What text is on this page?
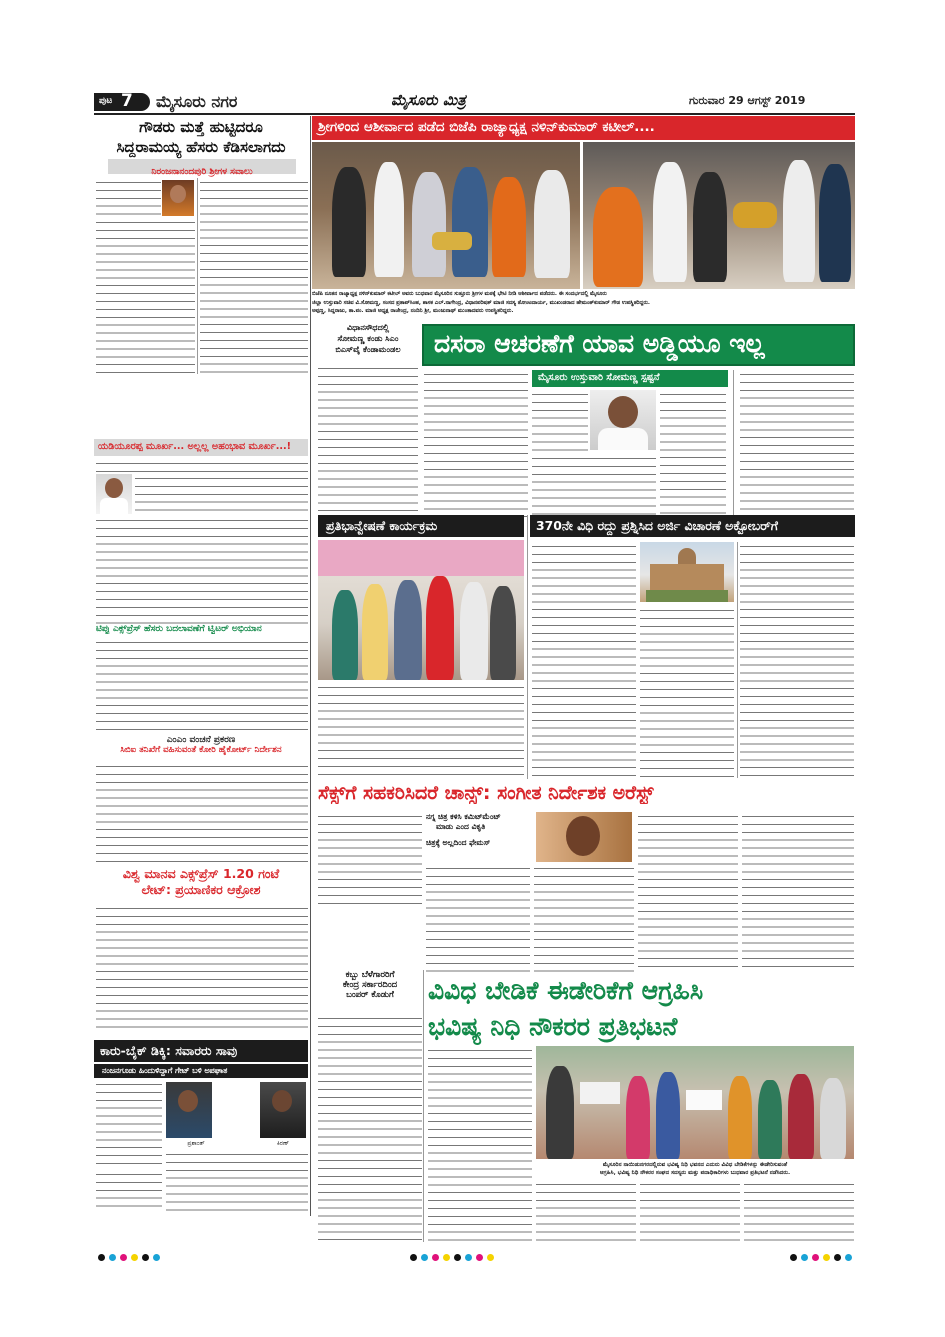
ಪುಟ 7 ಮೈಸೂರು ನಗರ	ಮೈಸೂರು ಮಿತ್ರ	ಗುರುವಾರ 29 ಆಗಸ್ಟ್ 2019
ಶ್ರೀಗಳಿಂದ ಆಶೀರ್ವಾದ ಪಡೆದ ಬಿಜೆಪಿ ರಾಜ್ಯಾಧ್ಯಕ್ಷ ನಳಿನ್‌ಕುಮಾರ್ ಕಟೀಲ್....
ಬಿಜೆಪಿ ನೂತನ ರಾಜ್ಯಾಧ್ಯಕ್ಷ ನಳಿನ್‌ಕುಮಾರ್ ಕಟೀಲ್ ಅವರು ಬುಧವಾರ ಮೈಸೂರಿನ ಸುತ್ತೂರು ಶ್ರೀಗಳ ಮಠಕ್ಕೆ ಭೇಟಿ ನೀಡಿ ಆಶೀರ್ವಾದ ಪಡೆದರು. ಈ ಸಂದರ್ಭದಲ್ಲಿ ಮೈಸೂರು
ಜಿಲ್ಲಾ ಉಸ್ತುವಾರಿ ಸಚಿವ ವಿ.ಸೋಮಣ್ಣ, ಸಂಸದ ಪ್ರತಾಪ್‌ಸಿಂಹ, ಶಾಸಕ ಎಲ್.ನಾಗೇಂದ್ರ, ವಿಧಾನಪರಿಷತ್ ಮಾಜಿ ಸದಸ್ಯ ತೋಂಟದಾರ್ಯ, ಮುಖಂಡರಾದ ಹೇಮಂತ್‌ಕುಮಾರ್ ಗೌಡ ಉಪಸ್ಥಿತರಿದ್ದರು.
ಅಪ್ಪಣ್ಣ, ಸಿದ್ದರಾಜು, ತಾ.ಪಂ. ಮಾಜಿ ಅಧ್ಯಕ್ಷ ರಾಜೇಂದ್ರ, ನಂದಿನಿ ಶ್ರೀ, ಮಂಜುನಾಥ್ ಮುಂತಾದವರು ಉಪಸ್ಥಿತರಿದ್ದರು.
ಗೌಡರು ಮತ್ತೆ ಹುಟ್ಟಿದರೂ
ಸಿದ್ದರಾಮಯ್ಯ ಹೆಸರು ಕೆಡಿಸಲಾಗದು
ನಿರಂಜನಾನಂದಪುರಿ ಶ್ರೀಗಳ ಸವಾಲು
ಯಡಿಯೂರಪ್ಪ ಮೂರ್ಖ... ಅಲ್ಲಲ್ಲ ಅಹಂಭಾವ ಮೂರ್ಖ...!
ಟಿಪ್ಪು ಎಕ್ಸ್‌ಪ್ರೆಸ್ ಹೆಸರು ಬದಲಾವಣೆಗೆ ಟ್ವಿಟರ್ ಅಭಿಯಾನ
ಎಂಎಂ ವಂಚನೆ ಪ್ರಕರಣ
ಸಿಬಿಐ ತನಿಖೆಗೆ ವಹಿಸುವಂತೆ ಕೋರಿ ಹೈಕೋರ್ಟ್ ನಿರ್ದೇಶನ
ವಿಶ್ವ ಮಾನವ ಎಕ್ಸ್‌ಪ್ರೆಸ್ 1.20 ಗಂಟೆ
ಲೇಟ್: ಪ್ರಯಾಣಿಕರ ಆಕ್ರೋಶ
ಕಾರು-ಬೈಕ್ ಡಿಕ್ಕಿ: ಸವಾರರು ಸಾವು
ನಂಜನಗೂಡು ಹಿಂದುಳಿದ್ದಾಗೆ ಗೇಟ್ ಬಳಿ ಅಪಘಾತ
ಪ್ರಶಾಂತ್	ಕಿರಣ್
ವಿಧಾನಸೌಧದಲ್ಲಿ
ಸೋಮಣ್ಣ ಕಂಡು ಸಿಎಂ
ಬಿಎಸ್‌ವೈ ಕೆಂಡಾಮಂಡಲ	ದಸರಾ ಆಚರಣೆಗೆ ಯಾವ ಅಡ್ಡಿಯೂ ಇಲ್ಲ
ಮೈಸೂರು ಉಸ್ತುವಾರಿ ಸೋಮಣ್ಣ ಸ್ಪಷ್ಟನೆ
ಪ್ರತಿಭಾನ್ವೇಷಣೆ ಕಾರ್ಯಕ್ರಮ	370ನೇ ವಿಧಿ ರದ್ದು ಪ್ರಶ್ನಿಸಿದ ಅರ್ಜಿ ವಿಚಾರಣೆ ಅಕ್ಟೋಬರ್‌ಗೆ
ಸೆಕ್ಸ್‌ಗೆ ಸಹಕರಿಸಿದರೆ ಚಾನ್ಸ್: ಸಂಗೀತ ನಿರ್ದೇಶಕ ಅರೆಸ್ಟ್
ನಗ್ನ ಚಿತ್ರ ಕಳಿಸಿ ಕಮಿಟ್‌ಮೆಂಟ್
ಮಾಡು ಎಂದ ವಿಕೃತಿ
ಚಿತ್ರಕ್ಕೆ ಅಲ್ಲದಿಂದ ಫೇಮಸ್
ಕಬ್ಬು ಬೆಳೆಗಾರರಿಗೆ
ಕೇಂದ್ರ ಸರ್ಕಾರದಿಂದ
ಬಂಪರ್ ಕೊಡುಗೆ	ವಿವಿಧ ಬೇಡಿಕೆ ಈಡೇರಿಕೆಗೆ ಆಗ್ರಹಿಸಿ
ಭವಿಷ್ಯ ನಿಧಿ ನೌಕರರ ಪ್ರತಿಭಟನೆ
ಮೈಸೂರಿನ ನಾಯಿಡುನಗರದಲ್ಲಿರುವ ಭವಿಷ್ಯ ನಿಧಿ ಭವನದ ಎದುರು ವಿವಿಧ ಬೇಡಿಕೆಗಳನ್ನು ಈಡೇರಿಸುವಂತೆ
ಆಗ್ರಹಿಸಿ, ಭವಿಷ್ಯ ನಿಧಿ ನೌಕರರ ಸಂಘದ ಸದಸ್ಯರು ಮತ್ತು ಪದಾಧಿಕಾರಿಗಳು ಬುಧವಾರ ಪ್ರತಿಭಟನೆ ನಡೆಸಿದರು.
